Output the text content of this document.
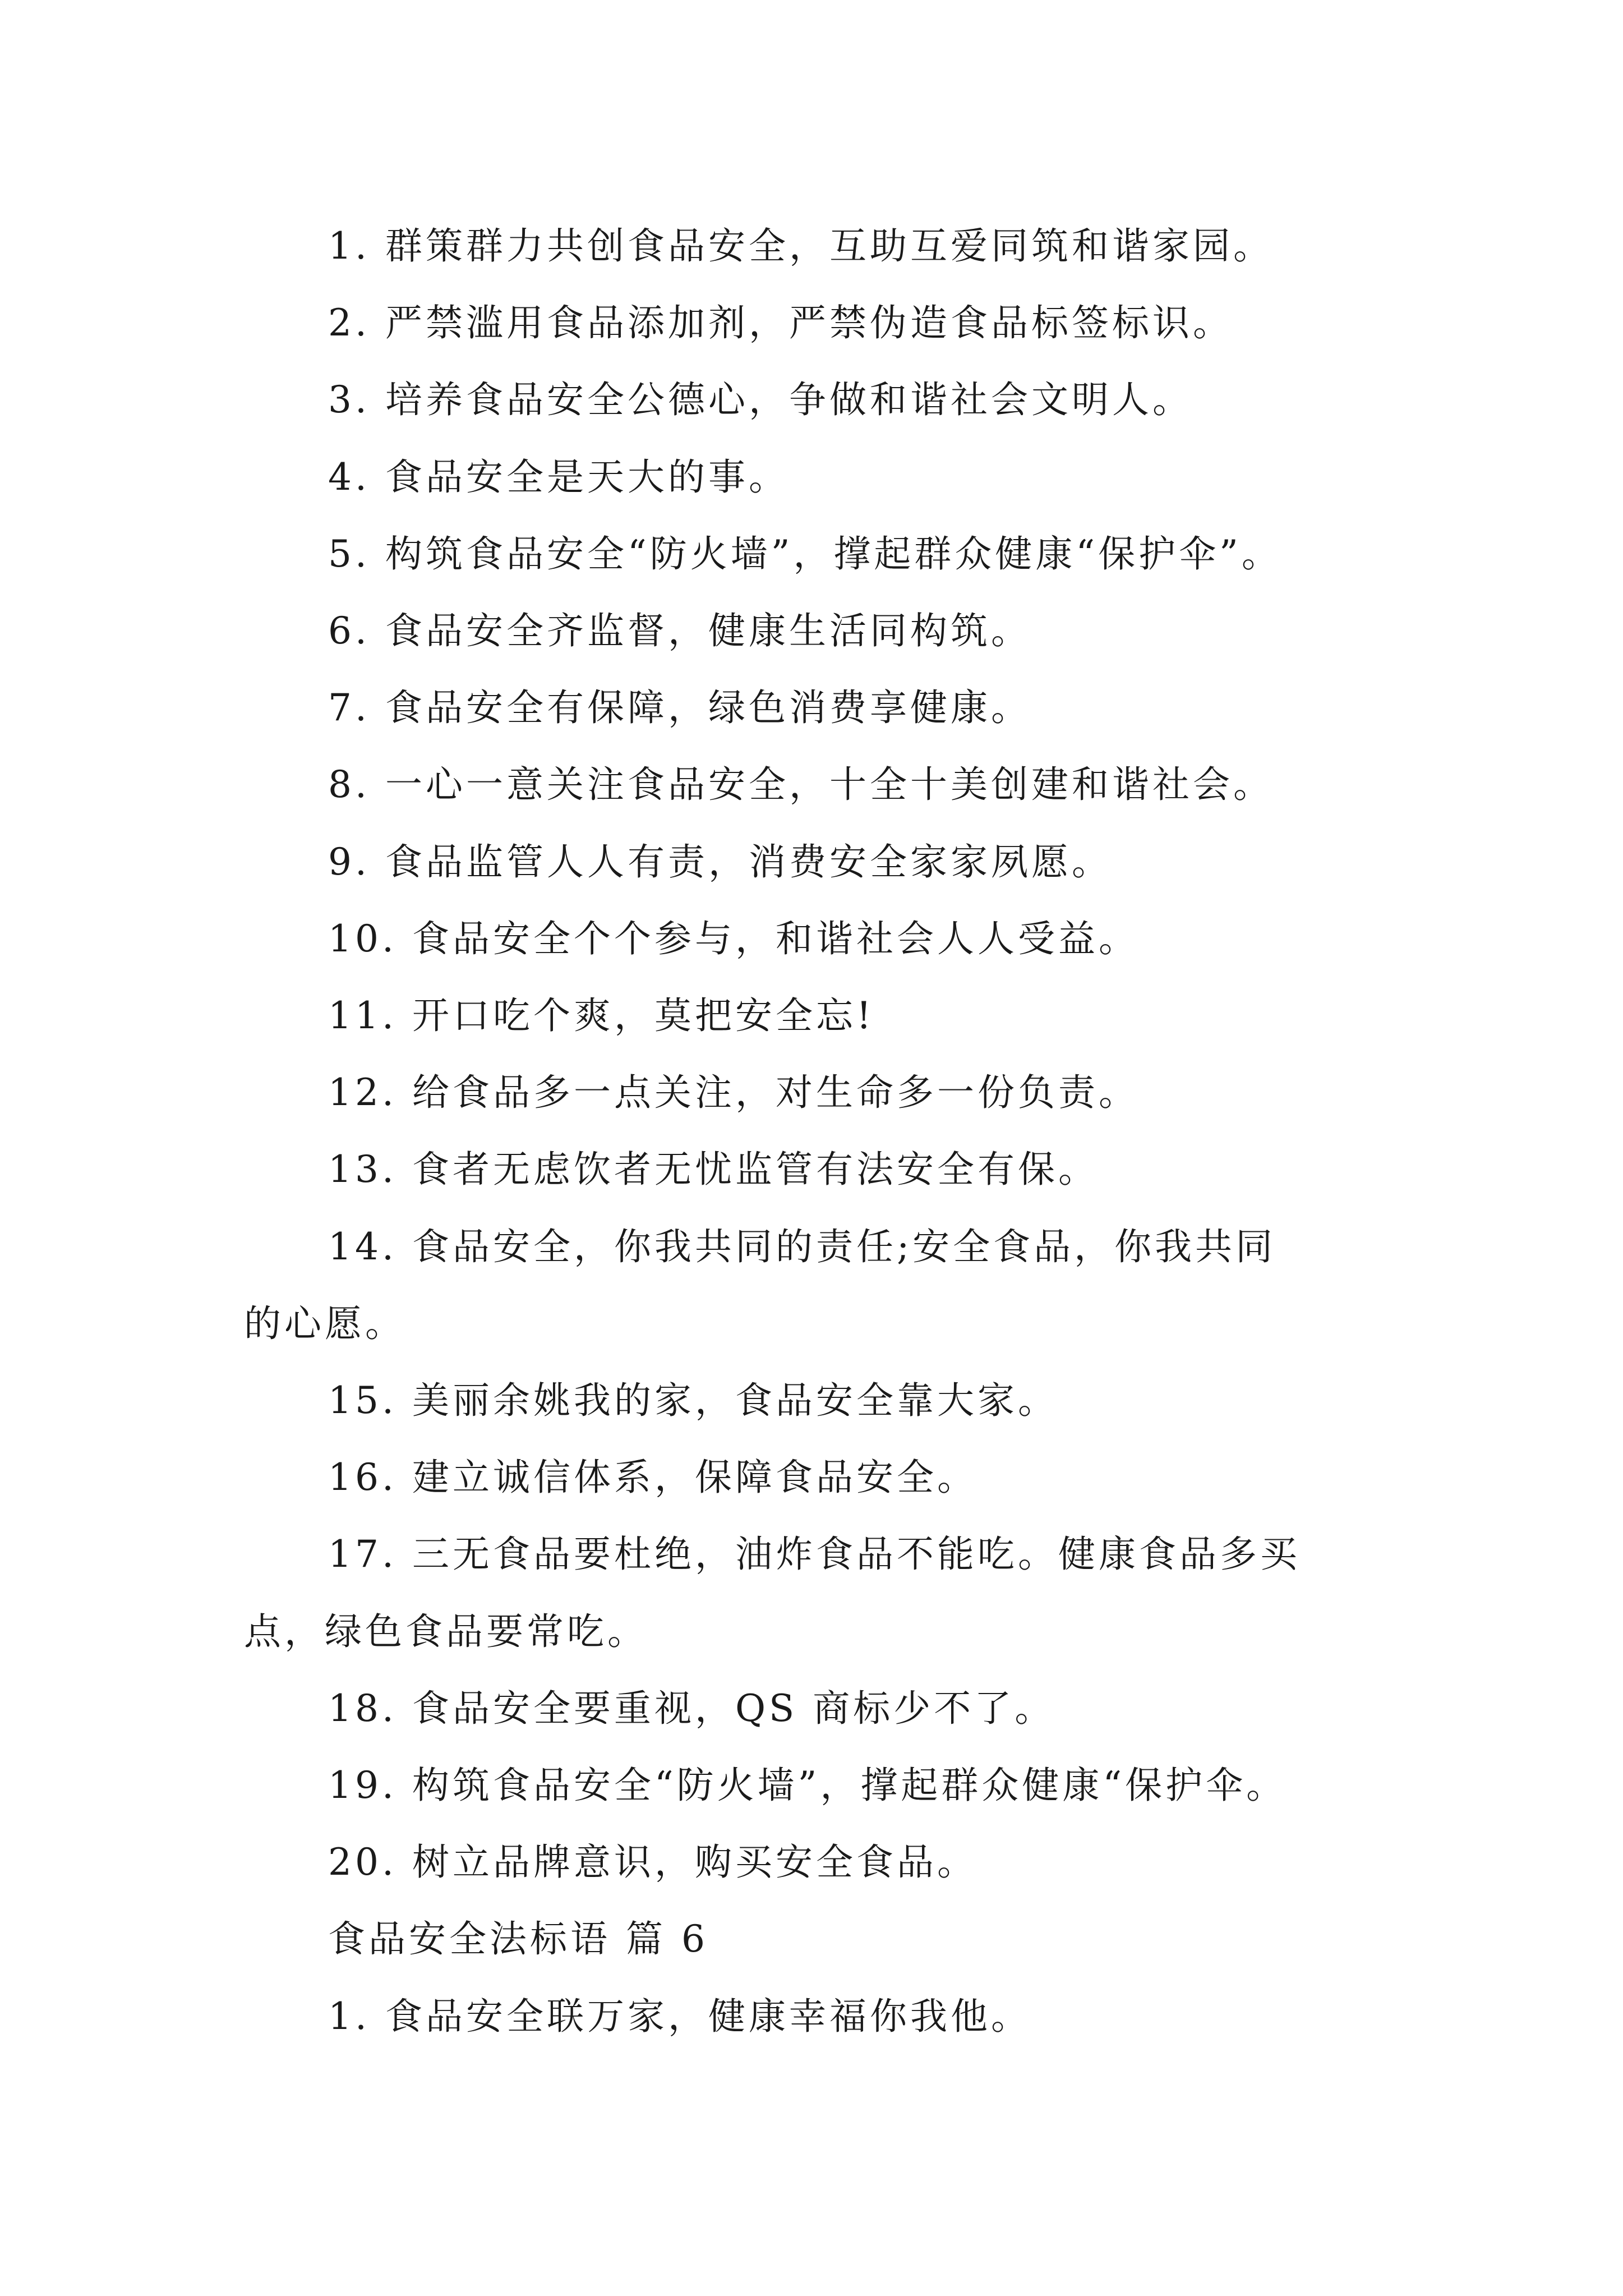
1. 群策群力共创食品安全，互助互爱同筑和谐家园。
2. 严禁滥用食品添加剂，严禁伪造食品标签标识。
3. 培养食品安全公德心，争做和谐社会文明人。
4. 食品安全是天大的事。
5. 构筑食品安全“防火墙”，撑起群众健康“保护伞”。
6. 食品安全齐监督，健康生活同构筑。
7. 食品安全有保障，绿色消费享健康。
8. 一心一意关注食品安全，十全十美创建和谐社会。
9. 食品监管人人有责，消费安全家家夙愿。
10. 食品安全个个参与，和谐社会人人受益。
11. 开口吃个爽，莫把安全忘!
12. 给食品多一点关注，对生命多一份负责。
13. 食者无虑饮者无忧监管有法安全有保。
14. 食品安全，你我共同的责任;安全食品，你我共同
的心愿。
15. 美丽余姚我的家，食品安全靠大家。
16. 建立诚信体系，保障食品安全。
17. 三无食品要杜绝，油炸食品不能吃。健康食品多买
点，绿色食品要常吃。
18. 食品安全要重视，QS 商标少不了。
19. 构筑食品安全“防火墙”，撑起群众健康“保护伞。
20. 树立品牌意识，购买安全食品。
食品安全法标语 篇 6
1. 食品安全联万家，健康幸福你我他。
